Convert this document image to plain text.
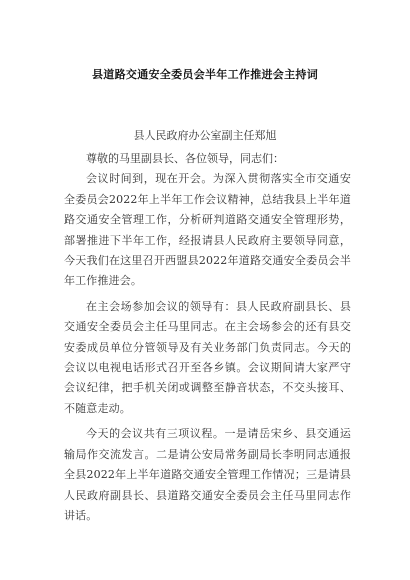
县道路交通安全委员会半年工作推进会主持词
县人民政府办公室副主任郑旭

尊敬的马里副县长、各位领导，同志们：

会议时间到，现在开会。为深入贯彻落实全市交通安全委员会2022年上半年工作会议精神，总结我县上半年道路交通安全管理工作，分析研判道路交通安全管理形势，部署推进下半年工作，经报请县人民政府主要领导同意，今天我们在这里召开西盟县2022年道路交通安全委员会半年工作推进会。

在主会场参加会议的领导有：县人民政府副县长、县交通安全委员会主任马里同志。在主会场参会的还有县交安委成员单位分管领导及有关业务部门负责同志。今天的会议以电视电话形式召开至各乡镇。会议期间请大家严守会议纪律，把手机关闭或调整至静音状态，不交头接耳、不随意走动。

今天的会议共有三项议程。一是请岳宋乡、县交通运输局作交流发言。二是请公安局常务副局长李明同志通报全县2022年上半年道路交通安全管理工作情况；三是请县人民政府副县长、县道路交通安全委员会主任马里同志作讲话。
